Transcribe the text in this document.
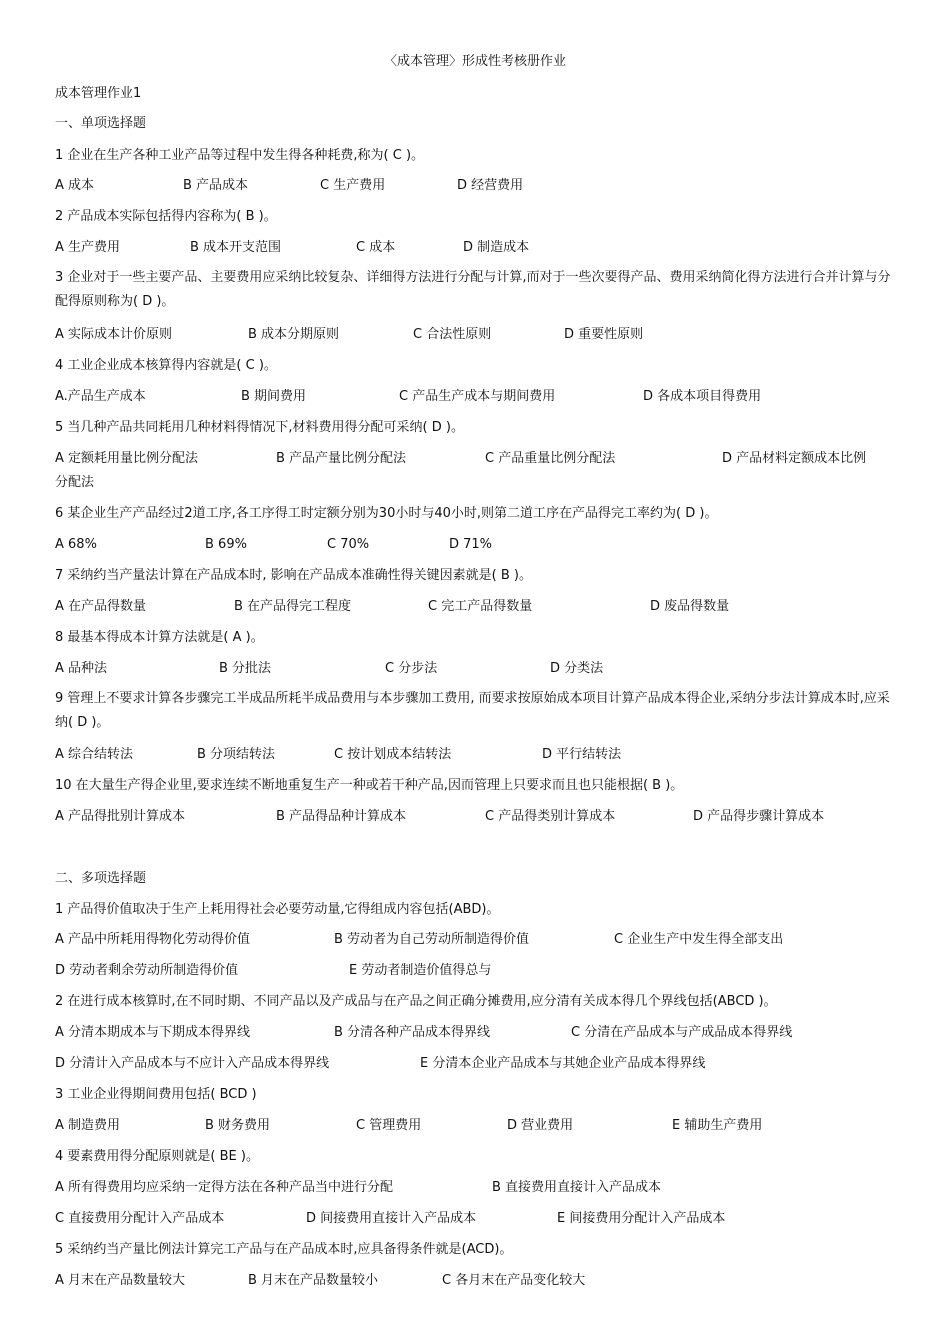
〈成本管理〉形成性考核册作业
成本管理作业1
一、单项选择题
1 企业在生产各种工业产品等过程中发生得各种耗费,称为( C )。
A 成本	B 产品成本	C 生产费用	D 经营费用
2 产品成本实际包括得内容称为( B )。
A 生产费用	B 成本开支范围	C 成本	D 制造成本
3 企业对于一些主要产品、主要费用应采纳比较复杂、详细得方法进行分配与计算,而对于一些次要得产品、费用采纳简化得方法进行合并计算与分配得原则称为( D )。
A 实际成本计价原则	B 成本分期原则	C 合法性原则	D 重要性原则
4 工业企业成本核算得内容就是( C )。
A.产品生产成本	B 期间费用	C 产品生产成本与期间费用	D 各成本项目得费用
5 当几种产品共同耗用几种材料得情况下,材料费用得分配可采纳( D )。
A 定额耗用量比例分配法	B 产品产量比例分配法	C 产品重量比例分配法	D 产品材料定额成本比例
分配法
6 某企业生产产品经过2道工序,各工序得工时定额分别为30小时与40小时,则第二道工序在产品得完工率约为( D )。
A 68%	B 69%	C 70%	D 71%
7 采纳约当产量法计算在产品成本时, 影响在产品成本准确性得关键因素就是( B )。
A 在产品得数量	B 在产品得完工程度	C 完工产品得数量	D 废品得数量
8 最基本得成本计算方法就是( A )。
A 品种法	B 分批法	C 分步法	D 分类法
9 管理上不要求计算各步骤完工半成品所耗半成品费用与本步骤加工费用, 而要求按原始成本项目计算产品成本得企业,采纳分步法计算成本时,应采纳( D )。
A 综合结转法	B 分项结转法	C 按计划成本结转法	D 平行结转法
10 在大量生产得企业里,要求连续不断地重复生产一种或若干种产品,因而管理上只要求而且也只能根据( B )。
A 产品得批别计算成本	B 产品得品种计算成本	C 产品得类别计算成本	D 产品得步骤计算成本
二、多项选择题
1 产品得价值取决于生产上耗用得社会必要劳动量,它得组成内容包括(ABD)。
A 产品中所耗用得物化劳动得价值	B 劳动者为自己劳动所制造得价值	C 企业生产中发生得全部支出
D 劳动者剩余劳动所制造得价值	E 劳动者制造价值得总与
2 在进行成本核算时,在不同时期、不同产品以及产成品与在产品之间正确分摊费用,应分清有关成本得几个界线包括(ABCD )。
A 分清本期成本与下期成本得界线	B 分清各种产品成本得界线	C 分清在产品成本与产成品成本得界线
D 分清计入产品成本与不应计入产品成本得界线	E 分清本企业产品成本与其她企业产品成本得界线
3 工业企业得期间费用包括( BCD )
A 制造费用	B 财务费用	C 管理费用	D 营业费用	E 辅助生产费用
4 要素费用得分配原则就是( BE )。
A 所有得费用均应采纳一定得方法在各种产品当中进行分配	B 直接费用直接计入产品成本
C 直接费用分配计入产品成本	D 间接费用直接计入产品成本	E 间接费用分配计入产品成本
5 采纳约当产量比例法计算完工产品与在产品成本时,应具备得条件就是(ACD)。
A 月末在产品数量较大	B 月末在产品数量较小	C 各月末在产品变化较大
